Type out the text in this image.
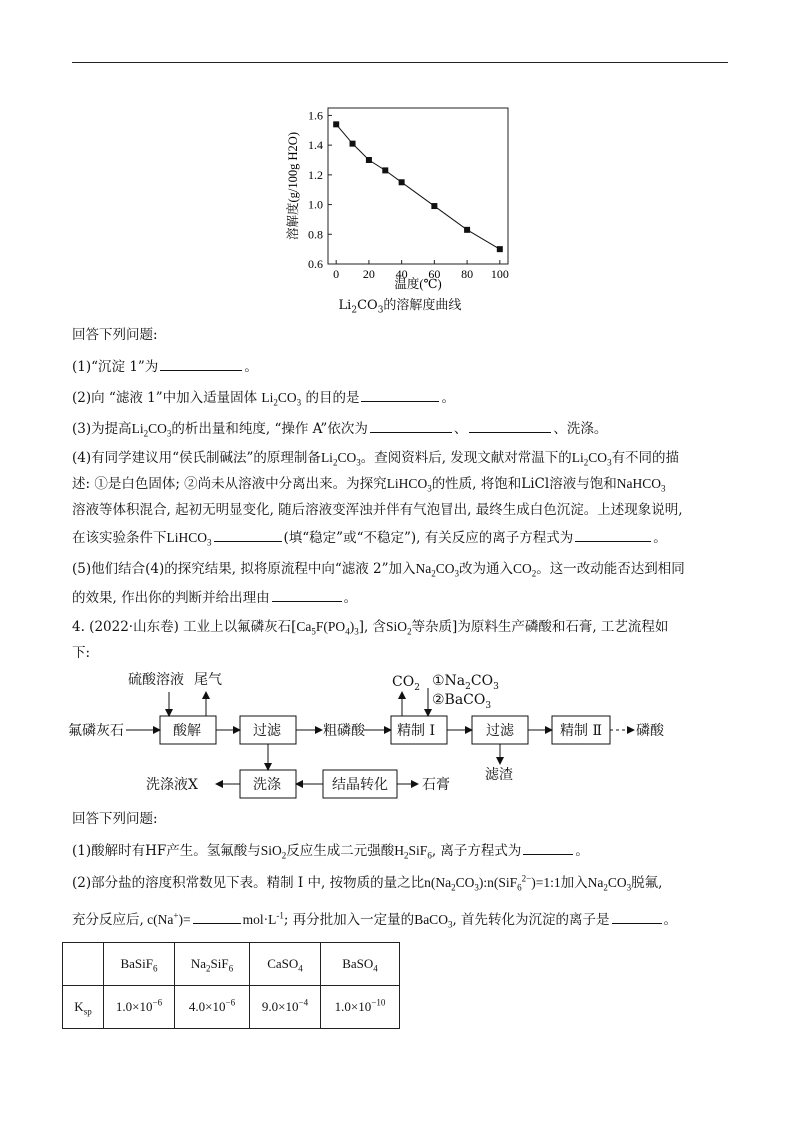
0.6
0.8
1.0
1.2
1.4
1.6
0 20 40 60 80 100
溶解度(g/100g H2O)
温度(℃)
$Li_2CO_3$的溶解度曲线
回答下列问题:
(1)“沉淀 1”为	。
(2)向 “滤液 1”中加入适量固体 $Li_2CO_3$ 的目的是	。
(3)为提高$Li_2CO_3$的析出量和纯度, “操作 A”依次为	、	、洗涤。
(4)有同学建议用“侯氏制碱法”的原理制备$Li_2CO_3$。查阅资料后, 发现文献对常温下的$Li_2CO_3$有不同的描
述: ①是白色固体; ②尚未从溶液中分离出来。为探究LiHCO$_3$的性质, 将饱和LiCl溶液与饱和NaHCO$_3$
溶液等体积混合, 起初无明显变化, 随后溶液变浑浊并伴有气泡冒出, 最终生成白色沉淀。上述现象说明,
在该实验条件下LiHCO$_3$	(填“稳定”或“不稳定”), 有关反应的离子方程式为	。
(5)他们结合(4)的探究结果, 拟将原流程中向“滤液 2”加入$Na_2CO_3$改为通入$CO_2$。这一改动能否达到相同
的效果, 作出你的判断并给出理由	。
4. (2022·山东卷) 工业上以氟磷灰石$[Ca_5F(PO_4)_3]$, 含SiO$_2$等杂质]为原料生产磷酸和石膏, 工艺流程如
下:
氟磷灰石
硫酸溶液 尾气
酸解	过滤	粗磷酸 精制 Ⅰ
$CO_2$ $①Na_2CO_3$
②BaCO$_3$
过滤
滤渣
精制 Ⅱ 磷酸
洗涤
洗涤液X	结晶转化 石膏
回答下列问题:
(1)酸解时有HF产生。氢氟酸与SiO$_2$反应生成二元强酸$H_2SiF_6$, 离子方程式为	。
(2)部分盐的溶度积常数见下表。精制 Ⅰ 中, 按物质的量之比$n(Na_2CO_3):n(SiF_6^{2-})=1:1$加入$Na_2CO_3$脱氟,
充分反应后, c(Na+)=	$mol\cdot L^{-1}$; 再分批加入一定量的BaCO$_3$, 首先转化为沉淀的离子是	。
	BaSiF$_6$	$Na_2SiF_6$	CaSO$_4$	BaSO$_4$
$K_{sp}$	$1.0\times 10^{-6}$	$4.0\times 10^{-6}$	$9.0\times 10^{-4}$	$1.0\times 10^{-10}$
